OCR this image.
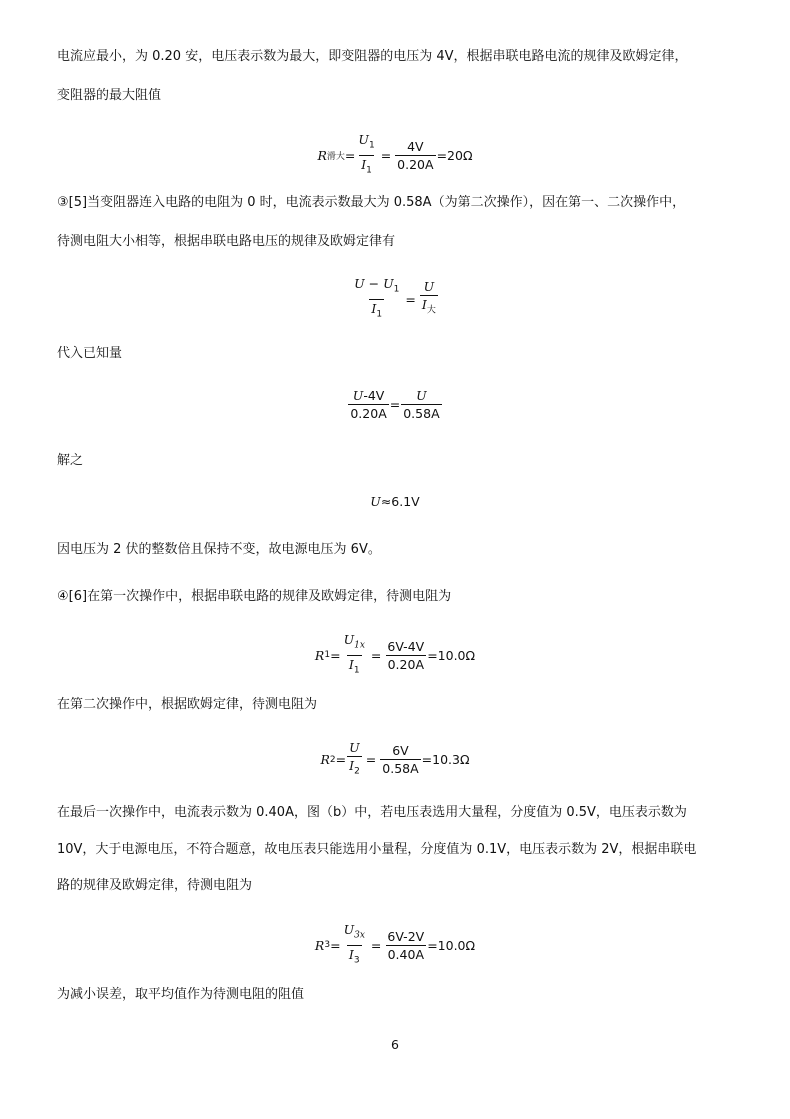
电流应最小，为 0.20 安，电压表示数为最大，即变阻器的电压为 4V，根据串联电路电流的规律及欧姆定律，
变阻器的最大阻值
R 滑大 = $\frac{U_1}{I_1} = \frac{4V}{0.20A} =20\Omega$
③[5]当变阻器连入电路的电阻为 0 时，电流表示数最大为 0.58A（为第二次操作），因在第一、二次操作中，
待测电阻大小相等，根据串联电路电压的规律及欧姆定律有
$\frac{U - U_1}{I_1}$ =
U
$I_大$
代入已知量
$\frac{U-4V}{0.20A} = \frac{U}{0.58A}$
解之
U ≈ 6.1V
因电压为 2 伏的整数倍且保持不变，故电源电压为 6V。
④[6]在第一次操作中，根据串联电路的规律及欧姆定律，待测电阻为
R $1 = \frac{U_{1x}}{I_1} = \frac{6V-4V}{0.20A} =10.0\Omega$
在第二次操作中，根据欧姆定律，待测电阻为
R $2 = \frac{U}{I_2} = \frac{6V}{0.58A} =10.3\Omega$
在最后一次操作中，电流表示数为 0.40A，图（b）中，若电压表选用大量程，分度值为 0.5V，电压表示数为
10V，大于电源电压，不符合题意，故电压表只能选用小量程，分度值为 0.1V，电压表示数为 2V，根据串联电
路的规律及欧姆定律，待测电阻为
R $3 = \frac{U_{3x}}{I_3} = \frac{6V-2V}{0.40A} =10.0\Omega$
为减小误差，取平均值作为待测电阻的阻值
6
